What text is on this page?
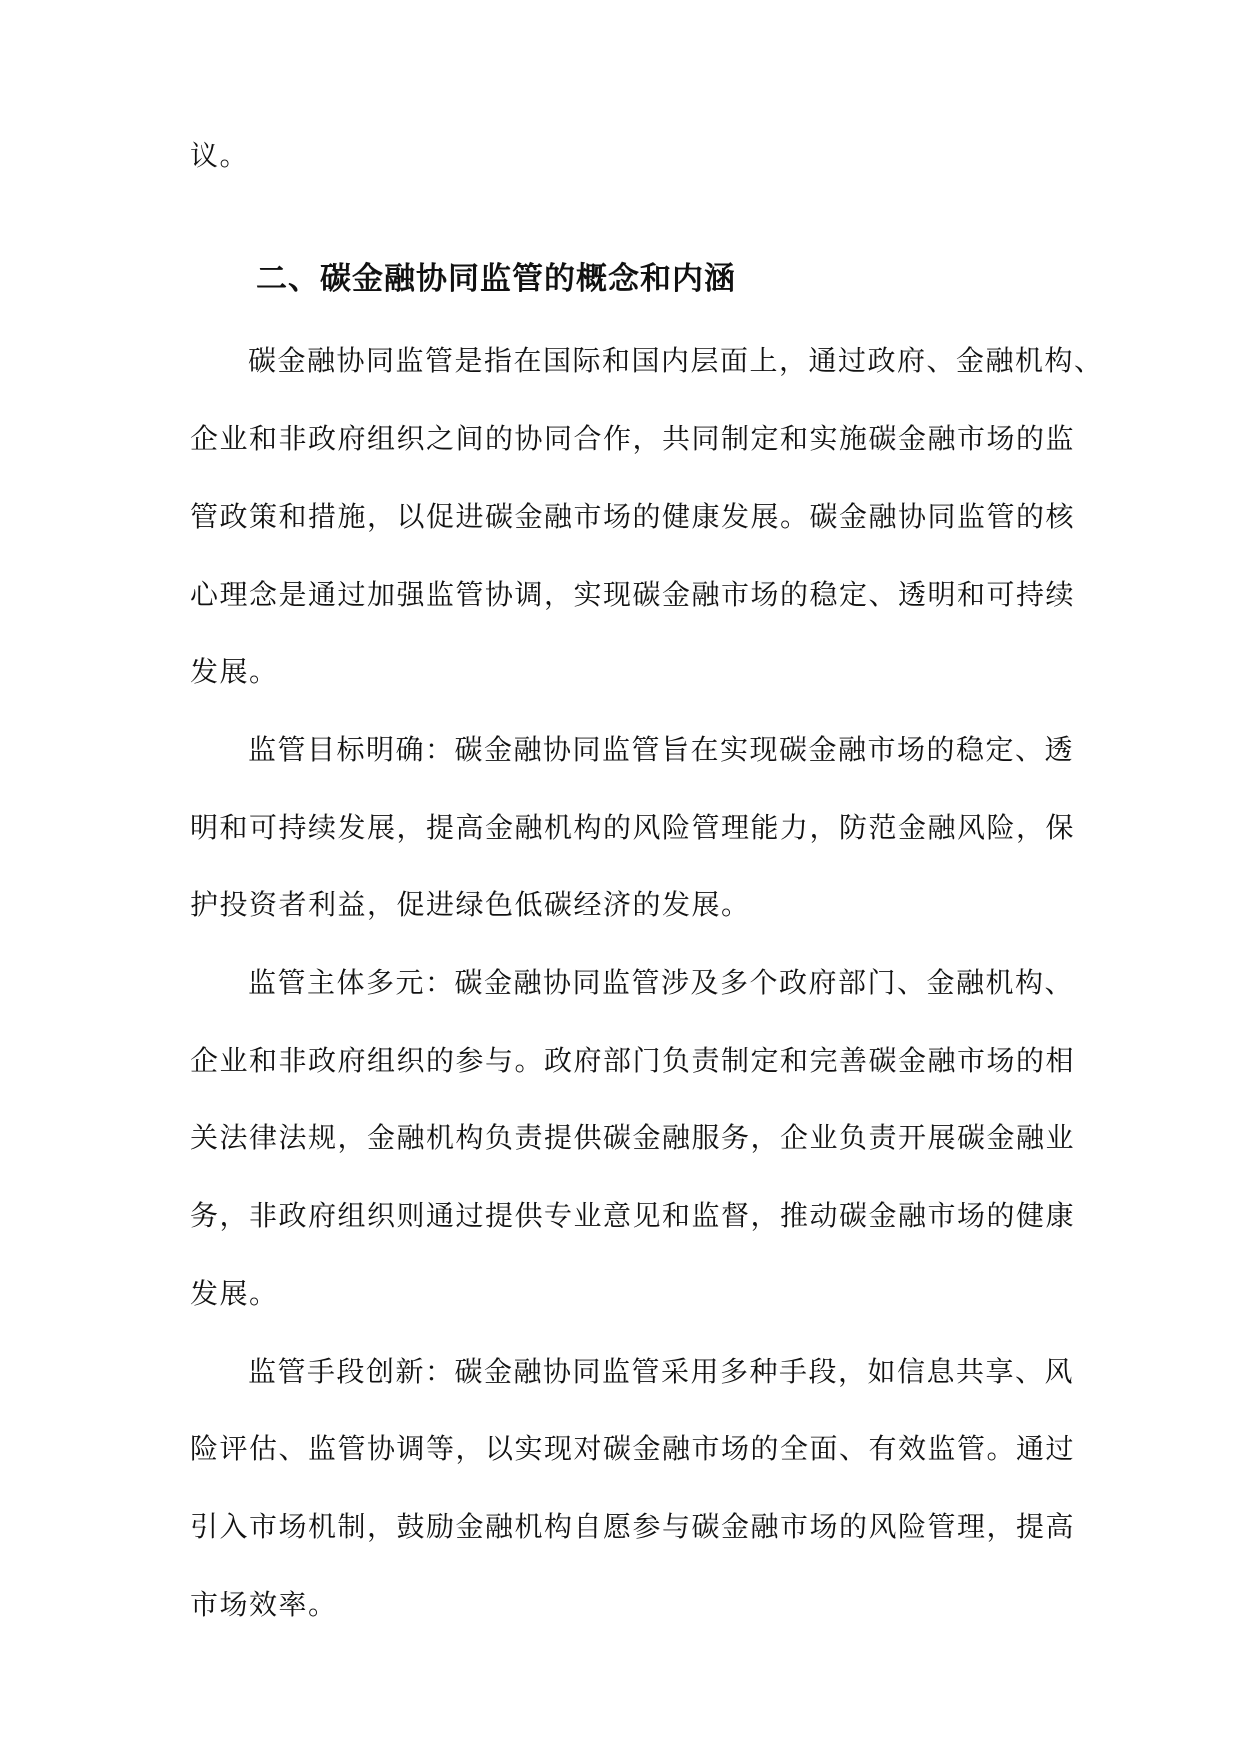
议。
二、碳金融协同监管的概念和内涵
碳金融协同监管是指在国际和国内层面上，通过政府、金融机构、
企业和非政府组织之间的协同合作，共同制定和实施碳金融市场的监
管政策和措施，以促进碳金融市场的健康发展。碳金融协同监管的核
心理念是通过加强监管协调，实现碳金融市场的稳定、透明和可持续
发展。
监管目标明确：碳金融协同监管旨在实现碳金融市场的稳定、透
明和可持续发展，提高金融机构的风险管理能力，防范金融风险，保
护投资者利益，促进绿色低碳经济的发展。
监管主体多元：碳金融协同监管涉及多个政府部门、金融机构、
企业和非政府组织的参与。政府部门负责制定和完善碳金融市场的相
关法律法规，金融机构负责提供碳金融服务，企业负责开展碳金融业
务，非政府组织则通过提供专业意见和监督，推动碳金融市场的健康
发展。
监管手段创新：碳金融协同监管采用多种手段，如信息共享、风
险评估、监管协调等，以实现对碳金融市场的全面、有效监管。通过
引入市场机制，鼓励金融机构自愿参与碳金融市场的风险管理，提高
市场效率。
